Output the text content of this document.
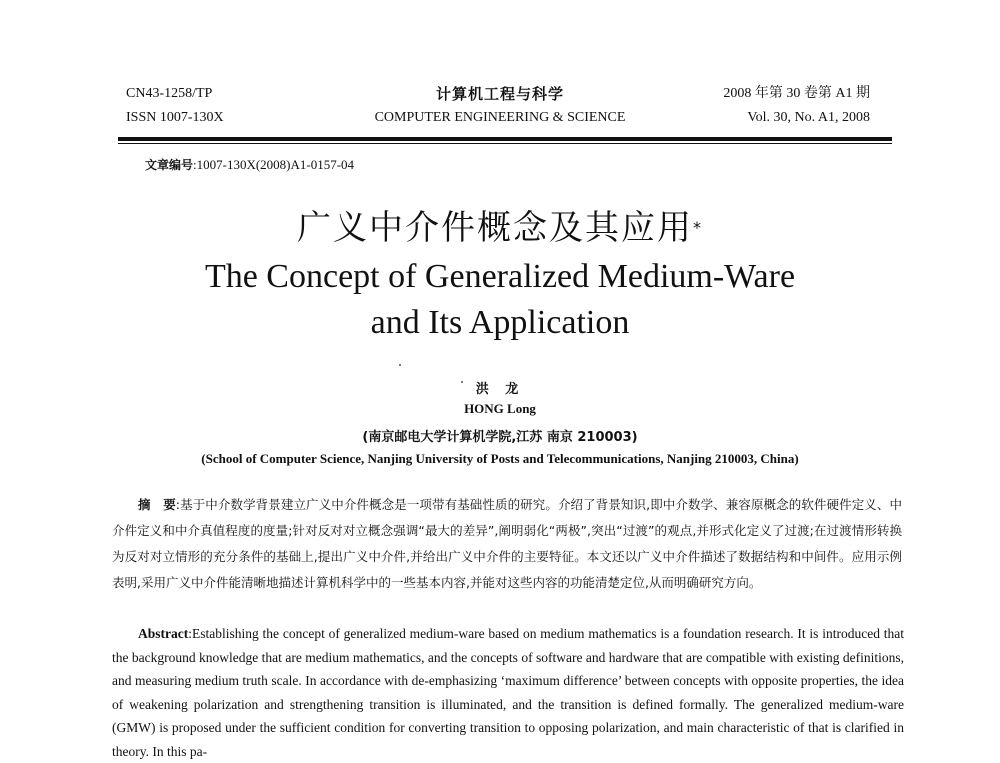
CN43-1258/TP
ISSN 1007-130X
计算机工程与科学
COMPUTER ENGINEERING & SCIENCE
2008 年第 30 卷第 A1 期
Vol. 30, No. A1, 2008
文章编号:1007-130X(2008)A1-0157-04
广义中介件概念及其应用*
The Concept of Generalized Medium-Ware
and Its Application
洪 龙
HONG Long
(南京邮电大学计算机学院,江苏 南京 210003)
(School of Computer Science, Nanjing University of Posts and Telecommunications, Nanjing 210003, China)
摘　要:基于中介数学背景建立广义中介件概念是一项带有基础性质的研究。介绍了背景知识,即中介数学、兼容原概念的软件硬件定义、中介件定义和中介真值程度的度量;针对反对对立概念强调“最大的差异”,阐明弱化“两极”,突出“过渡”的观点,并形式化定义了过渡;在过渡情形转换为反对对立情形的充分条件的基础上,提出广义中介件,并给出广义中介件的主要特征。本文还以广义中介件描述了数据结构和中间件。应用示例表明,采用广义中介件能清晰地描述计算机科学中的一些基本内容,并能对这些内容的功能清楚定位,从而明确研究方向。
Abstract:Establishing the concept of generalized medium-ware based on medium mathematics is a foundation research. It is introduced that the background knowledge that are medium mathematics, and the concepts of software and hardware that are compatible with existing definitions, and measuring medium truth scale. In accordance with de-emphasizing ‘maximum difference’ between concepts with opposite properties, the idea of weakening polarization and strengthening transition is illuminated, and the transition is defined formally. The generalized medium-ware (GMW) is proposed under the sufficient condition for converting transition to opposing polarization, and main characteristic of that is clarified in theory. In this pa-
